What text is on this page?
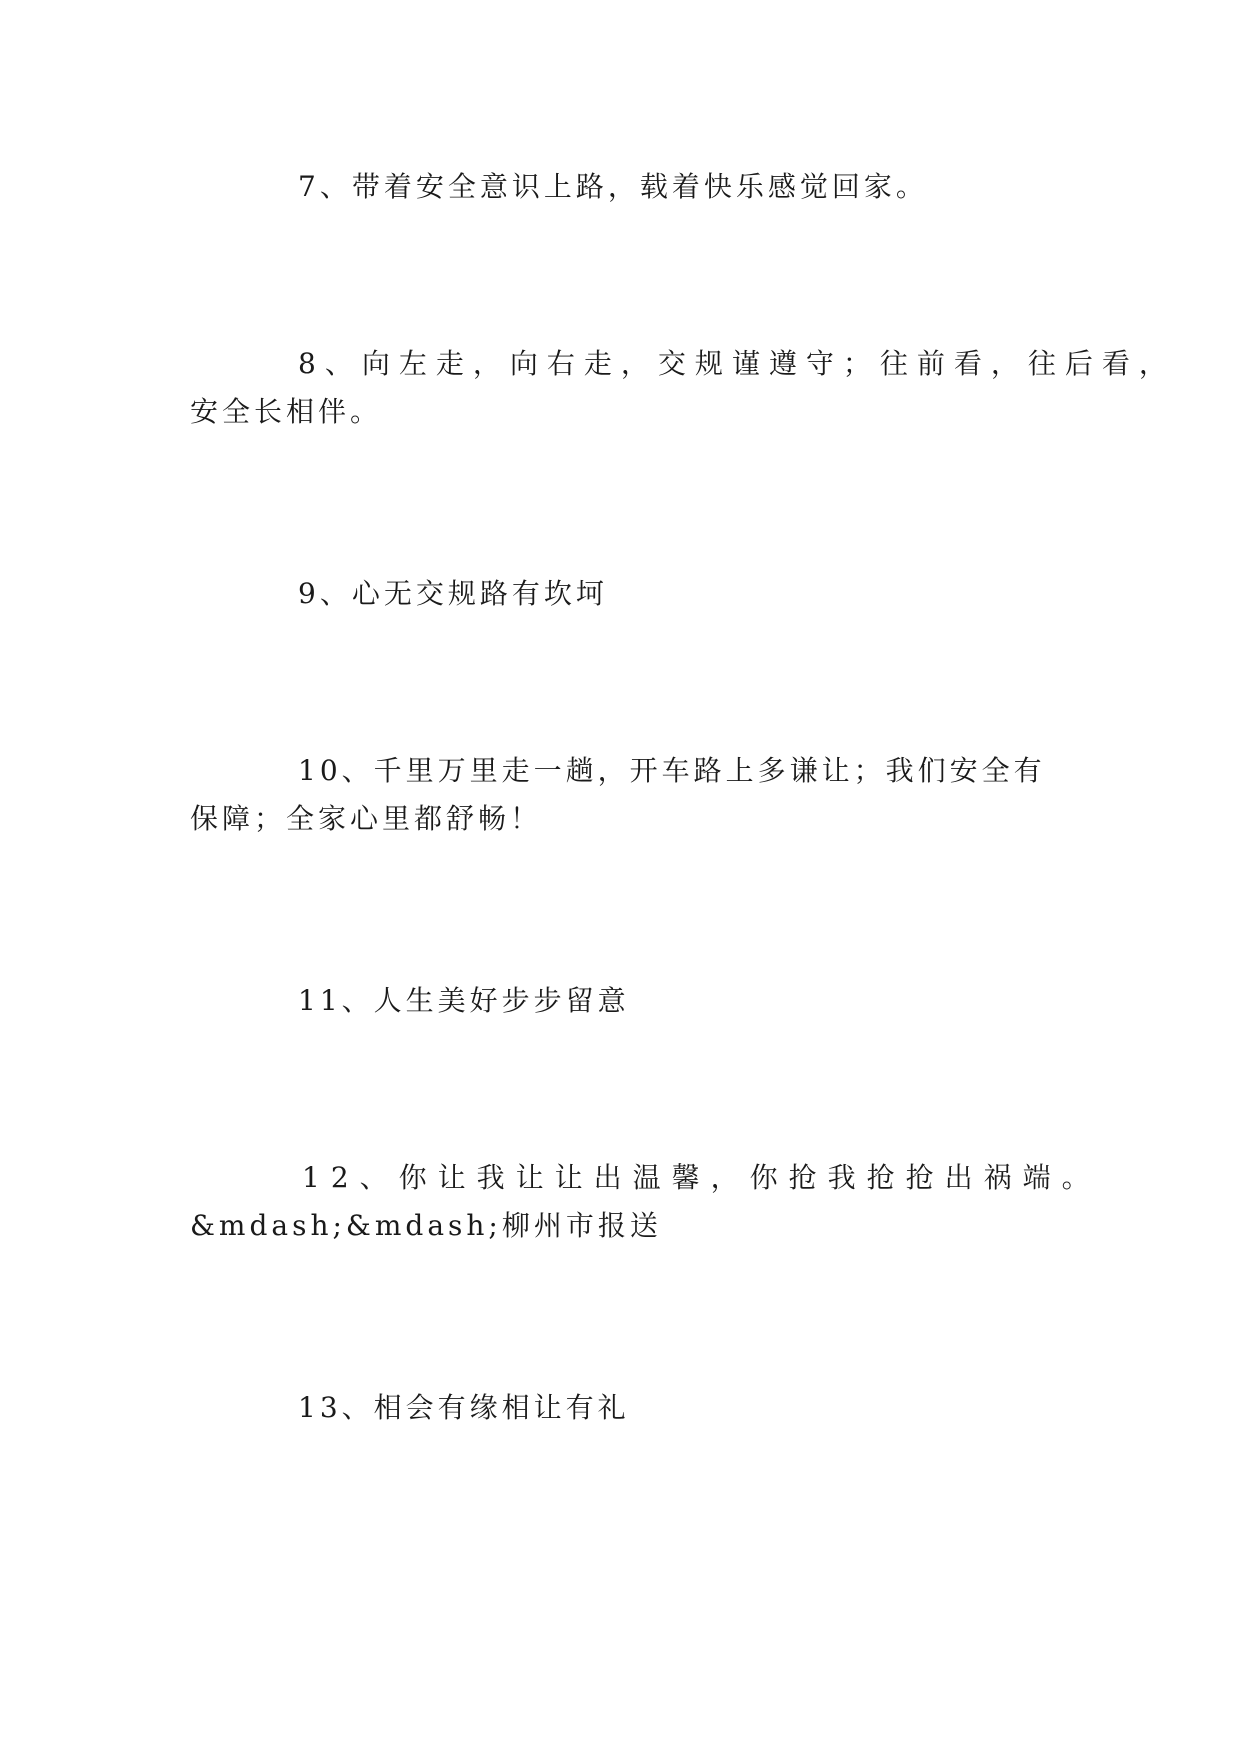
7、带着安全意识上路，载着快乐感觉回家。

8、向左走，向右走，交规谨遵守；往前看，往后看，
安全长相伴。

9、心无交规路有坎坷

10、千里万里走一趟，开车路上多谦让；我们安全有
保障；全家心里都舒畅！

11、人生美好步步留意

12、你让我让让出温馨，你抢我抢抢出祸端。
&mdash;&mdash;柳州市报送

13、相会有缘相让有礼
